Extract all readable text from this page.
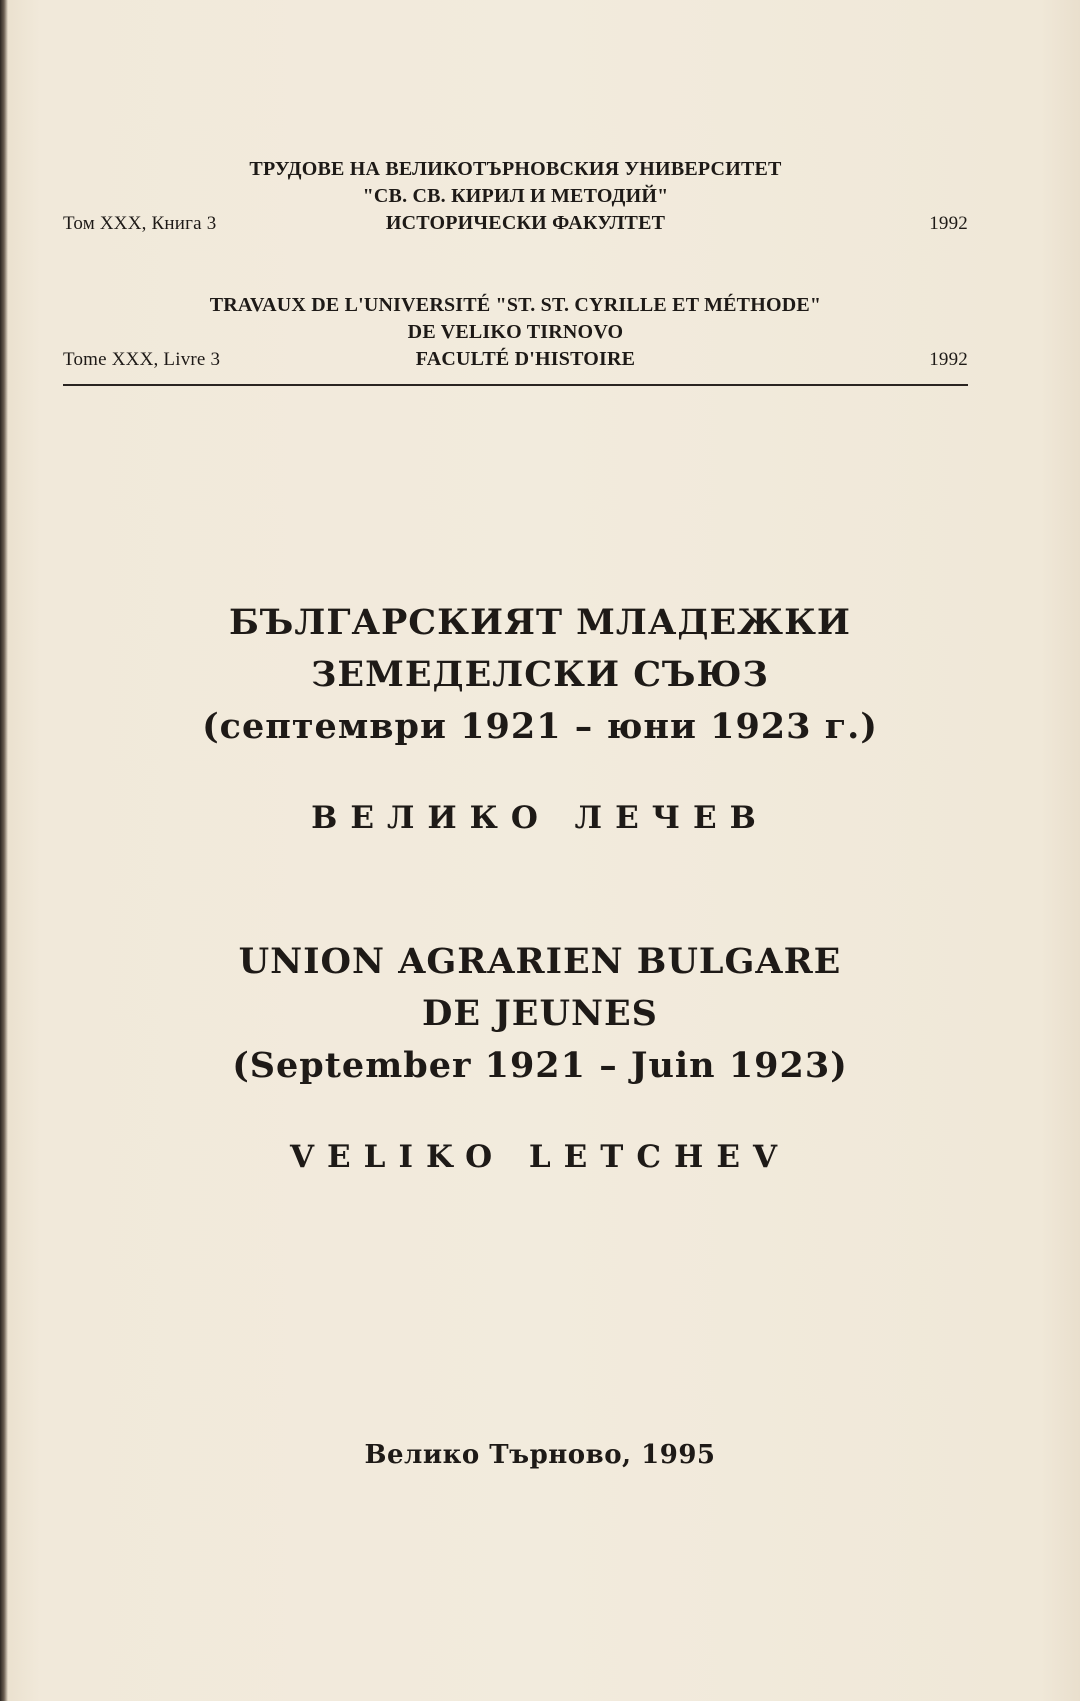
ТРУДОВЕ НА ВЕЛИКОТЪРНОВСКИЯ УНИВЕРСИТЕТ
"СВ. СВ. КИРИЛ И МЕТОДИЙ"
Том XXX, Книга 3	ИСТОРИЧЕСКИ ФАКУЛТЕТ	1992
TRAVAUX DE L'UNIVERSITÉ "ST. ST. CYRILLE ET MÉTHODE"
DE VELIKO TIRNOVO
Tome XXX, Livre 3	FACULTÉ D'HISTOIRE	1992
БЪЛГАРСКИЯТ МЛАДЕЖКИ
ЗЕМЕДЕЛСКИ СЪЮЗ
(септември 1921 – юни 1923 г.)
ВЕЛИКО ЛЕЧЕВ
UNION AGRARIEN BULGARE
DE JEUNES
(September 1921 – Juin 1923)
VELIKO LETCHEV
Велико Търново, 1995
